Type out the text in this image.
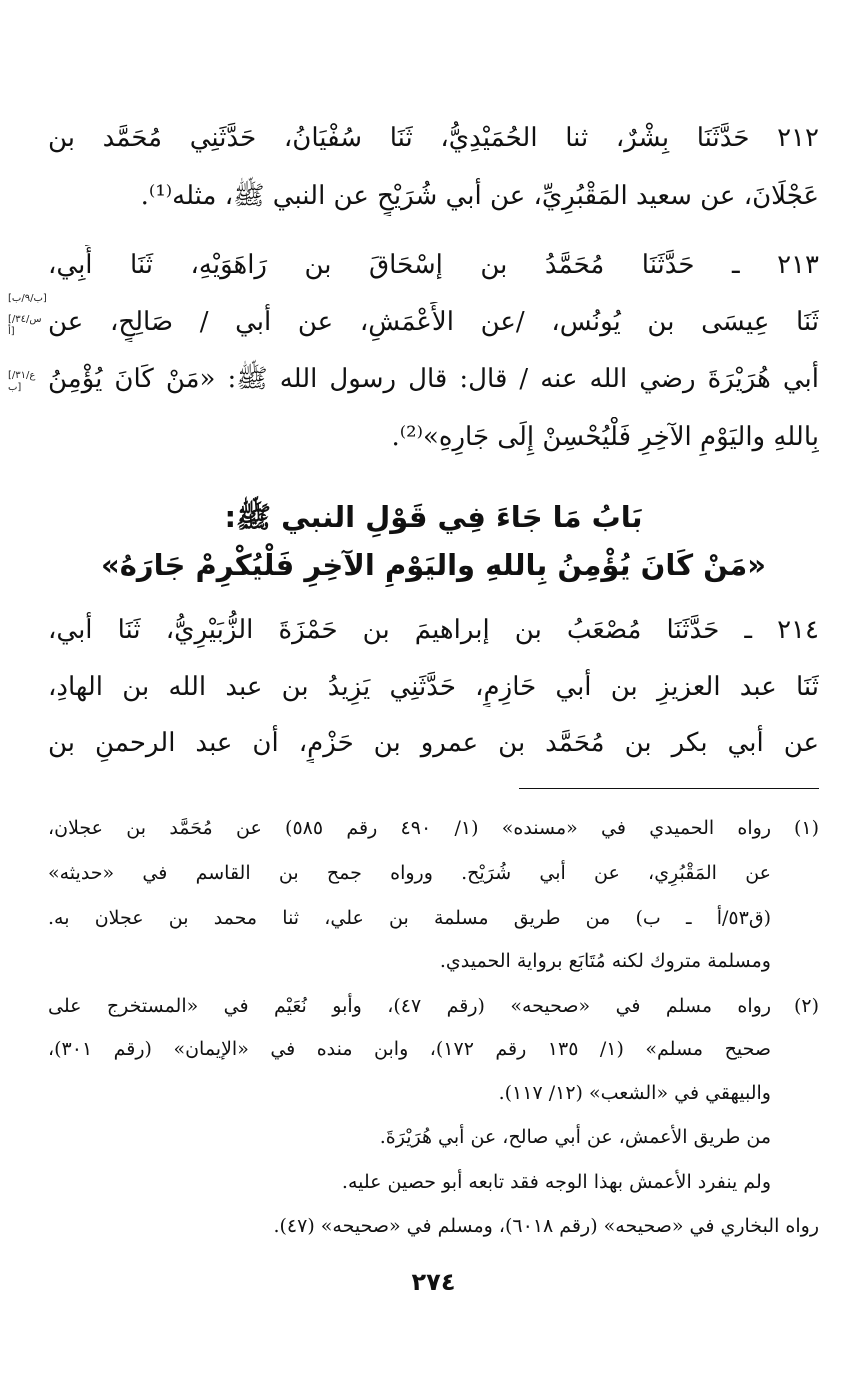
٢١٢ حَدَّثَنَا بِشْرٌ، ثنا الحُمَيْدِيُّ، ثَنَا سُفْيَانُ، حَدَّثَنِي مُحَمَّد بن
عَجْلَانَ، عن سعيد المَقْبُرِيِّ، عن أبي شُرَيْحٍ عن النبي ﷺ، مثله⁽¹⁾.
٢١٣ ـ حَدَّثَنَا مُحَمَّدُ بن إسْحَاقَ بن رَاهَوَيْهِ، ثَنَا أَبِي،
ثَنَا عِيسَى بن يُونُس، /عن الأَعْمَشِ، عن أبي / صَالِحٍ، عن
أبي هُرَيْرَةَ رضي الله عنه / قال: قال رسول الله ﷺ: «مَنْ كَانَ يُؤْمِنُ
بِاللهِ واليَوْمِ الآخِرِ فَلْيُحْسِنْ إِلَى جَارِهِ»⁽²⁾.
[ب/٩/ب]
[س/٣٤/أ]
[ع/٣١/ب]
بَابُ مَا جَاءَ فِي قَوْلِ النبي ﷺ:
«مَنْ كَانَ يُؤْمِنُ بِاللهِ واليَوْمِ الآخِرِ فَلْيُكْرِمْ جَارَهُ»
٢١٤ ـ حَدَّثَنَا مُصْعَبُ بن إبراهيمَ بن حَمْزَةَ الزُّبَيْرِيُّ، ثَنَا أبي،
ثَنَا عبد العزيزِ بن أبي حَازِمٍ، حَدَّثَنِي يَزِيدُ بن عبد الله بن الهادِ،
عن أبي بكر بن مُحَمَّد بن عمرو بن حَزْمٍ، أن عبد الرحمنِ بن
(١)
رواه الحميدي في «مسنده» (١/ ٤٩٠ رقم ٥٨٥) عن مُحَمَّد بن عجلان،
عن المَقْبُرِي، عن أبي شُرَيْح. ورواه جمح بن القاسم في «حديثه»
(ق٥٣/أ ـ ب) من طريق مسلمة بن علي، ثنا محمد بن عجلان به.
ومسلمة متروك لكنه مُتَابَع برواية الحميدي.
(٢)
رواه مسلم في «صحيحه» (رقم ٤٧)، وأبو نُعَيْم في «المستخرج على
صحيح مسلم» (١/ ١٣٥ رقم ١٧٢)، وابن منده في «الإيمان» (رقم ٣٠١)،
والبيهقي في «الشعب» (١٢/ ١١٧).
من طريق الأعمش، عن أبي صالح، عن أبي هُرَيْرَةَ.
ولم ينفرد الأعمش بهذا الوجه فقد تابعه أبو حصين عليه.
رواه البخاري في «صحيحه» (رقم ٦٠١٨)، ومسلم في «صحيحه» (٤٧).
٢٧٤
